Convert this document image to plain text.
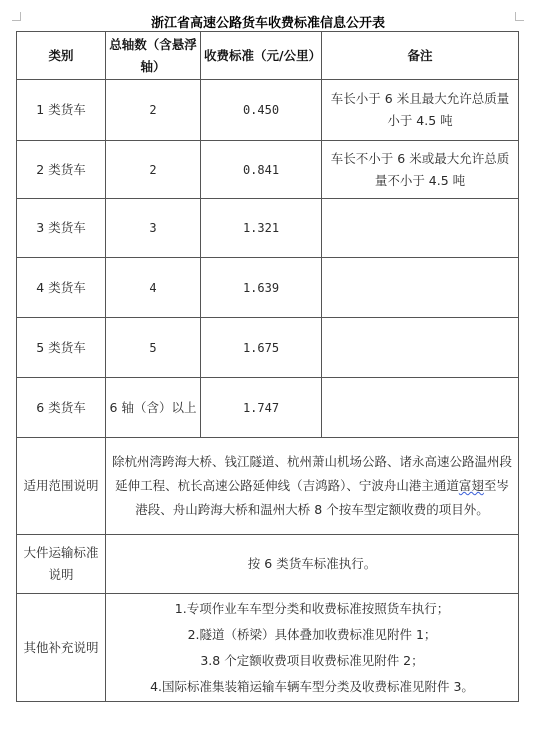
浙江省高速公路货车收费标准信息公开表
类别	总轴数（含悬浮轴）	收费标准（元/公里）	备注
1 类货车	2	0.450	车长小于 6 米且最大允许总质量小于 4.5 吨
2 类货车	2	0.841	车长不小于 6 米或最大允许总质量不小于 4.5 吨
3 类货车	3	1.321	
4 类货车	4	1.639	
5 类货车	5	1.675	
6 类货车	6 轴（含）以上	1.747	
适用范围说明	除杭州湾跨海大桥、钱江隧道、杭州萧山机场公路、诸永高速公路温州段延伸工程、杭长高速公路延伸线（吉鸿路）、宁波舟山港主通道富翅至岑港段、舟山跨海大桥和温州大桥 8 个按车型定额收费的项目外。		
大件运输标准说明	按 6 类货车标准执行。		
其他补充说明	1.专项作业车车型分类和收费标准按照货车执行；
2.隧道（桥梁）具体叠加收费标准见附件 1；
3.8 个定额收费项目收费标准见附件 2；
4.国际标准集装箱运输车辆车型分类及收费标准见附件 3。		
